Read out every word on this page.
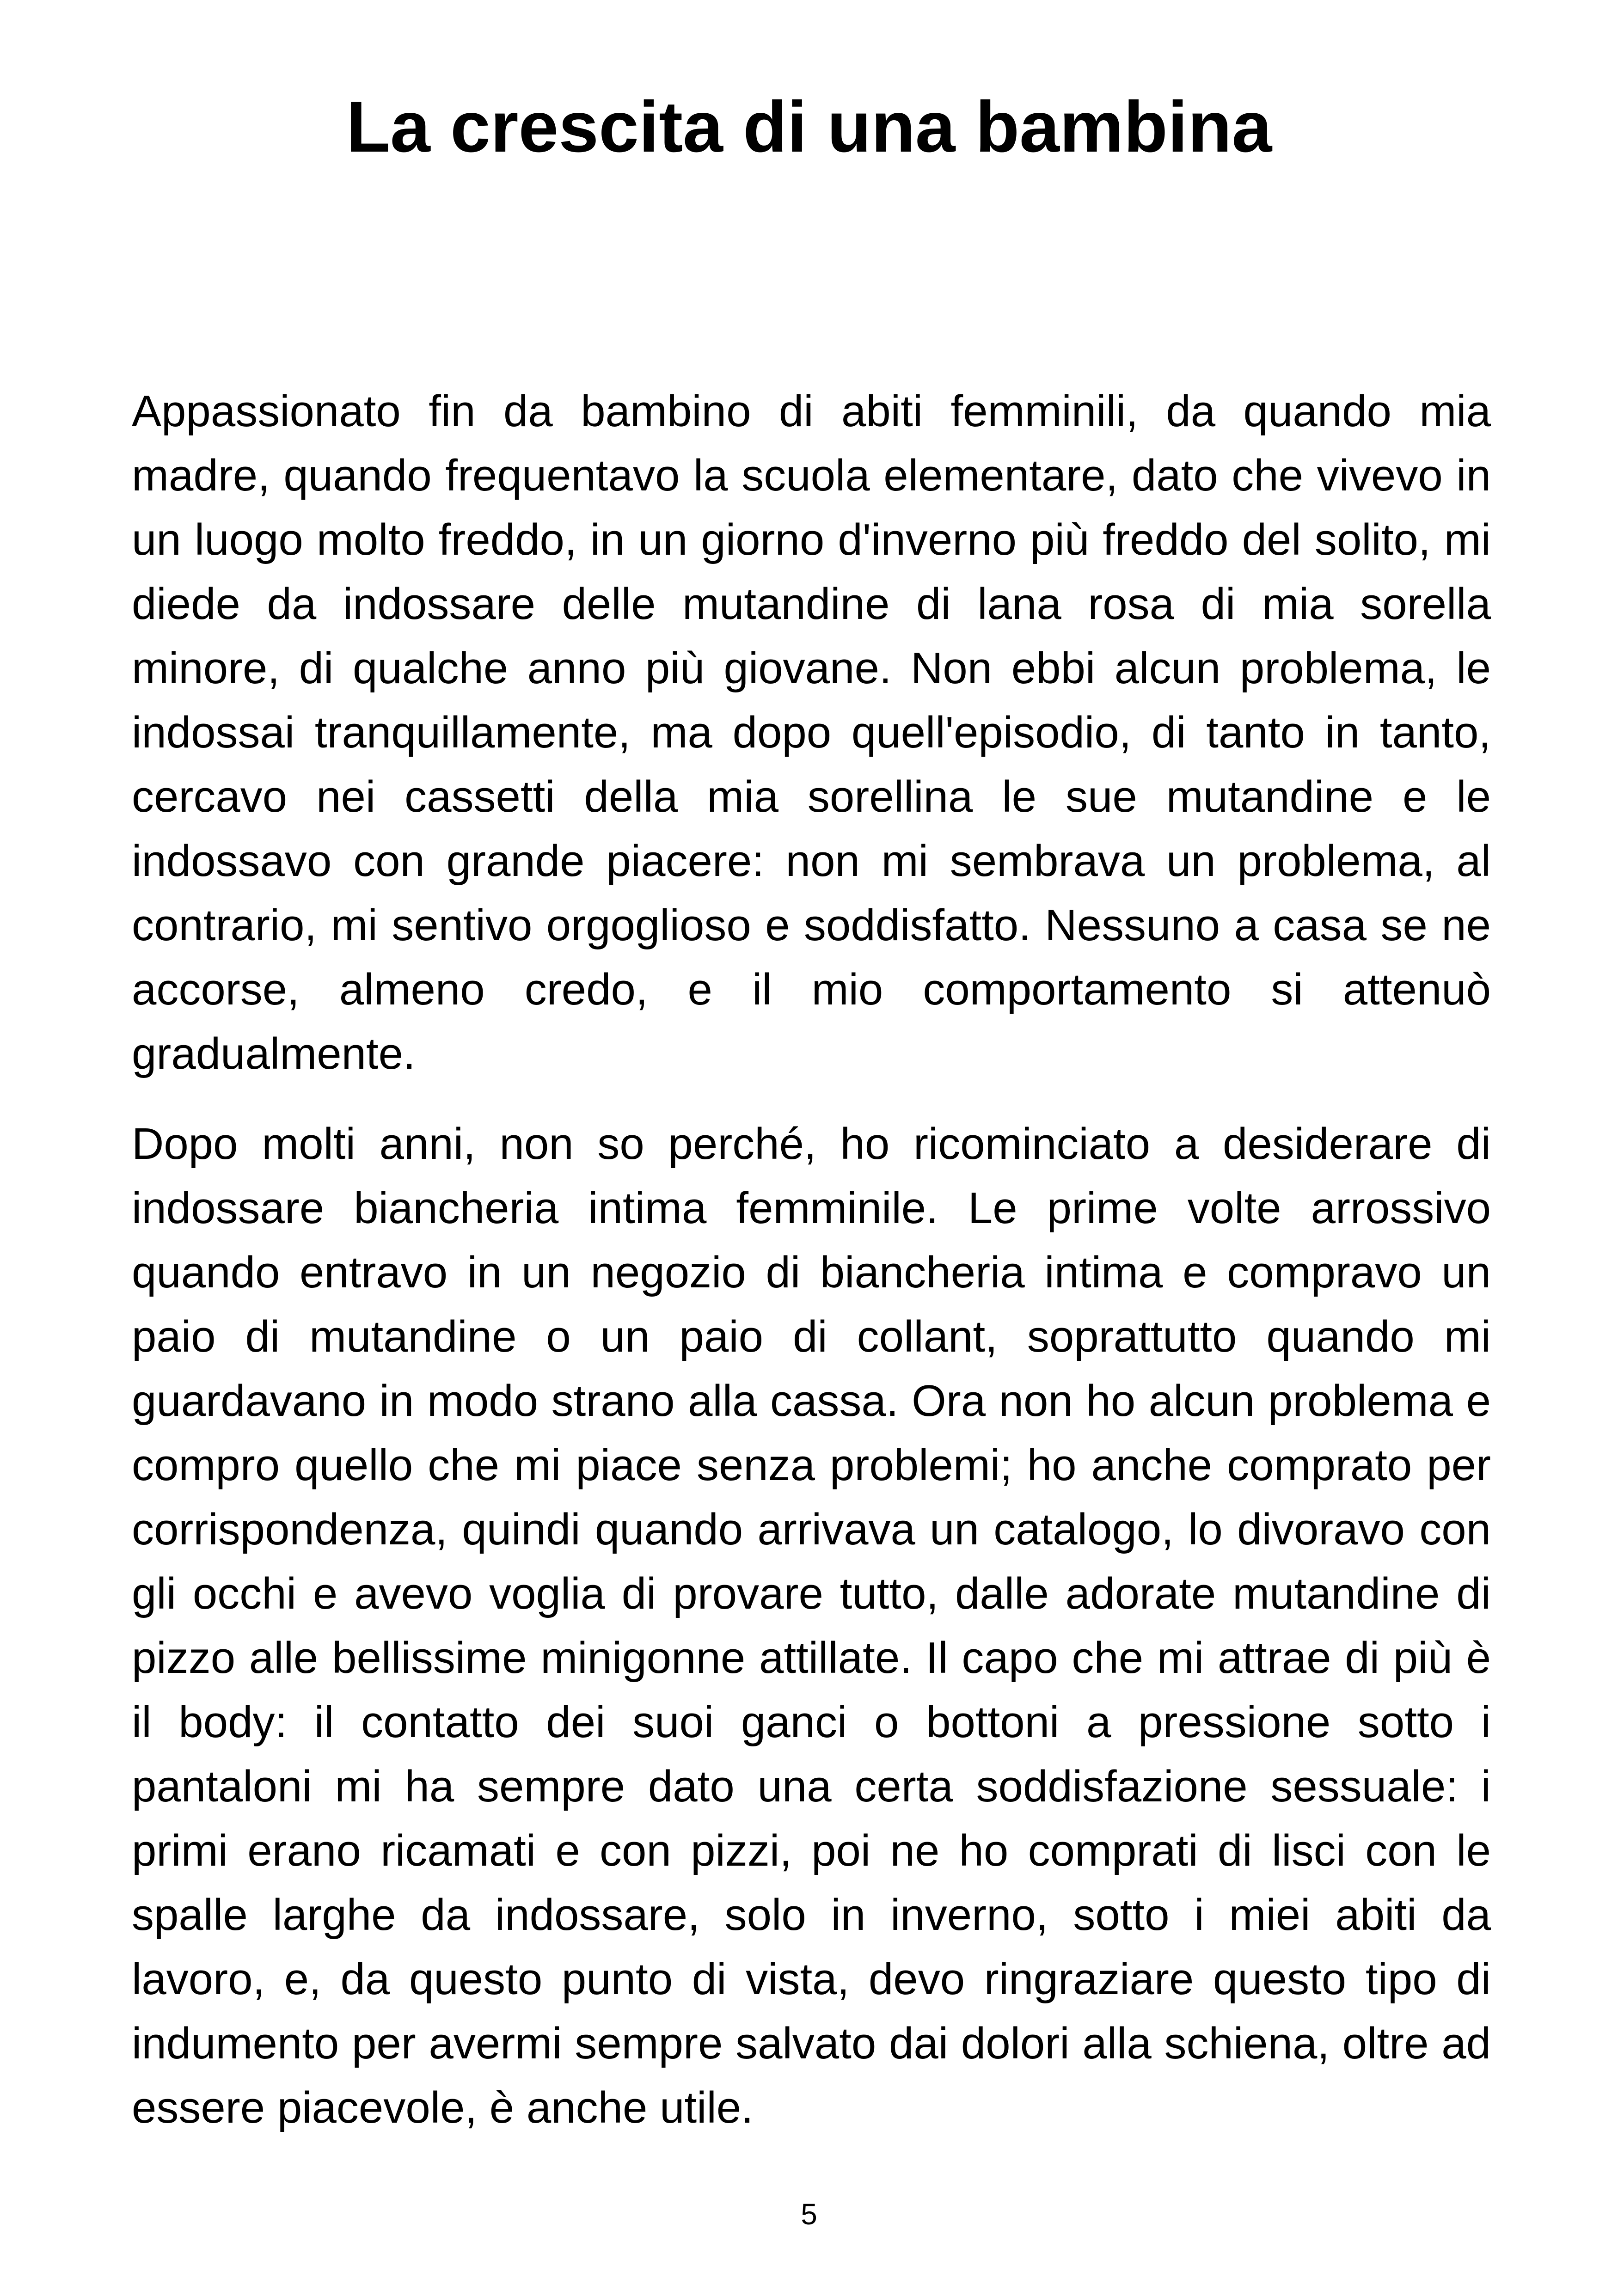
La crescita di una bambina

Appassionato fin da bambino di abiti femminili, da quando mia madre, quando frequentavo la scuola elementare, dato che vivevo in un luogo molto freddo, in un giorno d'inverno più freddo del solito, mi diede da indossare delle mutandine di lana rosa di mia sorella minore, di qualche anno più giovane. Non ebbi alcun problema, le indossai tranquillamente, ma dopo quell'episodio, di tanto in tanto, cercavo nei cassetti della mia sorellina le sue mutandine e le indossavo con grande piacere: non mi sembrava un problema, al contrario, mi sentivo orgoglioso e soddisfatto. Nessuno a casa se ne accorse, almeno credo, e il mio comportamento si attenuò gradualmente.

Dopo molti anni, non so perché, ho ricominciato a desiderare di indossare biancheria intima femminile. Le prime volte arrossivo quando entravo in un negozio di biancheria intima e compravo un paio di mutandine o un paio di collant, soprattutto quando mi guardavano in modo strano alla cassa. Ora non ho alcun problema e compro quello che mi piace senza problemi; ho anche comprato per corrispondenza, quindi quando arrivava un catalogo, lo divoravo con gli occhi e avevo voglia di provare tutto, dalle adorate mutandine di pizzo alle bellissime minigonne attillate. Il capo che mi attrae di più è il body: il contatto dei suoi ganci o bottoni a pressione sotto i pantaloni mi ha sempre dato una certa soddisfazione sessuale: i primi erano ricamati e con pizzi, poi ne ho comprati di lisci con le spalle larghe da indossare, solo in inverno, sotto i miei abiti da lavoro, e, da questo punto di vista, devo ringraziare questo tipo di indumento per avermi sempre salvato dai dolori alla schiena, oltre ad essere piacevole, è anche utile.

5
